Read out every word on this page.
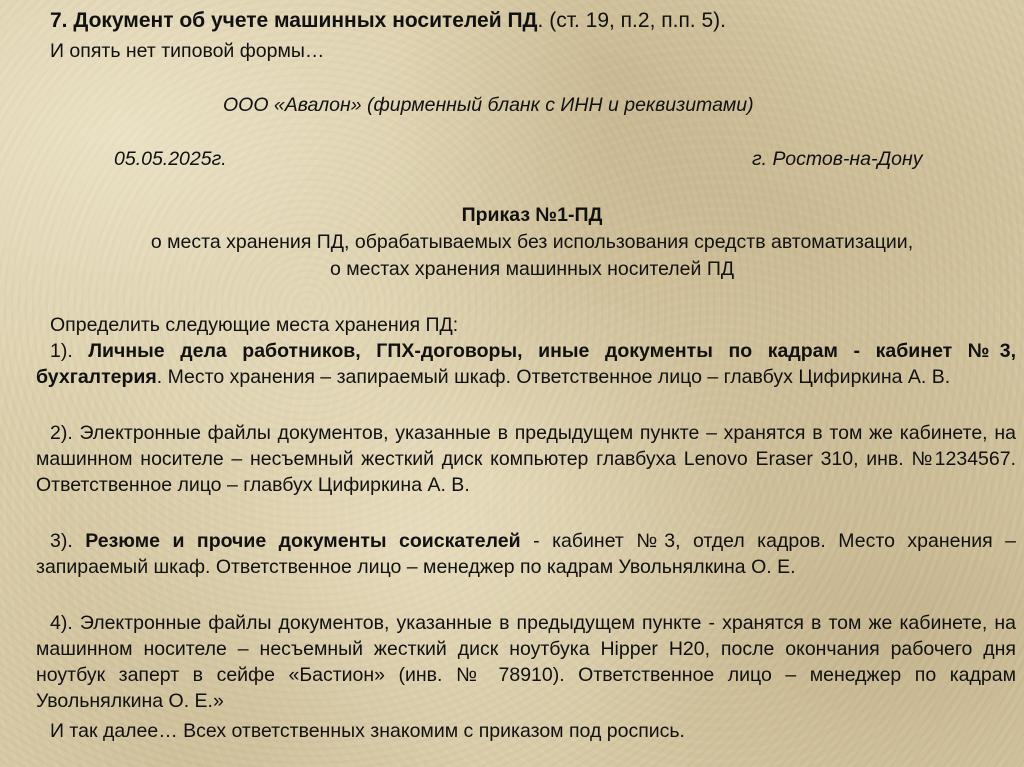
7. Документ об учете машинных носителей ПД. (ст. 19, п.2, п.п. 5).
И опять нет типовой формы…
ООО «Авалон» (фирменный бланк с ИНН и реквизитами)
05.05.2025г.	г. Ростов-на-Дону
Приказ №1-ПД
о места хранения ПД, обрабатываемых без использования средств автоматизации,
о местах хранения машинных носителей ПД
Определить следующие места хранения ПД:
1). Личные дела работников, ГПХ-договоры, иные документы по кадрам - кабинет №3, бухгалтерия. Место хранения – запираемый шкаф. Ответственное лицо – главбух Цифиркина А. В.
2). Электронные файлы документов, указанные в предыдущем пункте – хранятся в том же кабинете, на машинном носителе – несъемный жесткий диск компьютер главбуха Lenovo Eraser 310, инв. №1234567. Ответственное лицо – главбух Цифиркина А. В.
3). Резюме и прочие документы соискателей - кабинет №3, отдел кадров. Место хранения – запираемый шкаф. Ответственное лицо – менеджер по кадрам Увольнялкина О. Е.
4). Электронные файлы документов, указанные в предыдущем пункте - хранятся в том же кабинете, на машинном носителе – несъемный жесткий диск ноутбука Hipper H20, после окончания рабочего дня ноутбук заперт в сейфе «Бастион» (инв. № 78910). Ответственное лицо – менеджер по кадрам Увольнялкина О. Е.»
И так далее… Всех ответственных знакомим с приказом под роспись.
